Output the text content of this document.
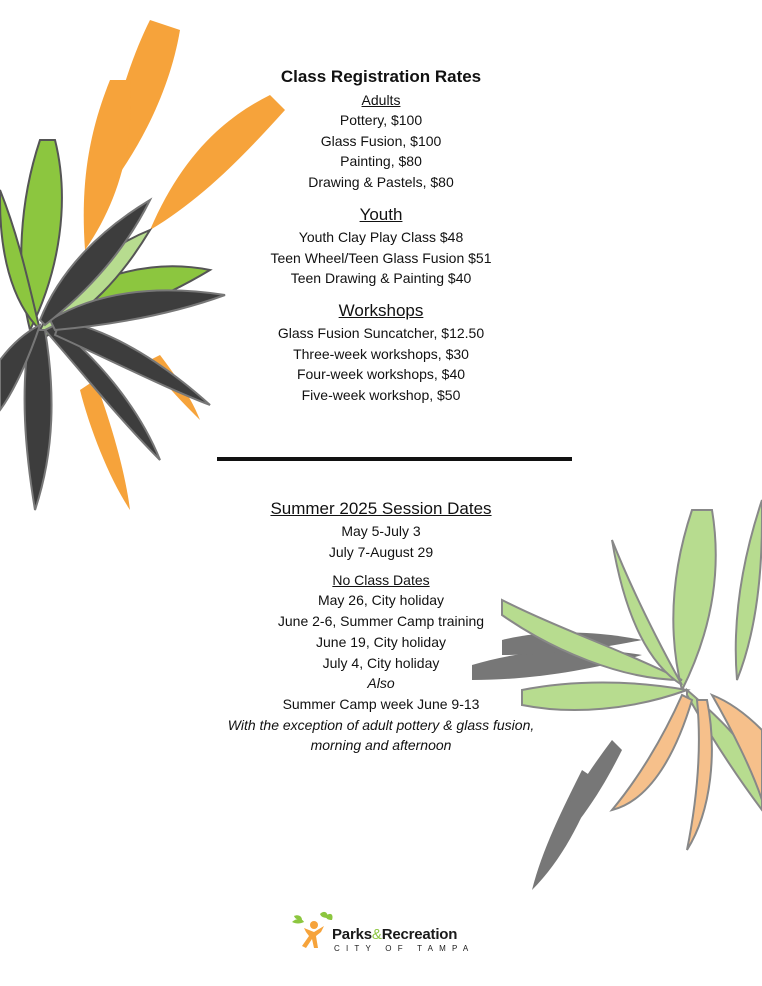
Class Registration Rates
Adults
Pottery, $100
Glass Fusion, $100
Painting, $80
Drawing & Pastels, $80
Youth
Youth Clay Play Class $48
Teen Wheel/Teen Glass Fusion $51
Teen Drawing & Painting $40
Workshops
Glass Fusion Suncatcher, $12.50
Three-week workshops, $30
Four-week workshops, $40
Five-week workshop, $50
Summer 2025 Session Dates
May 5-July 3
July 7-August 29
No Class Dates
May 26, City holiday
June 2-6, Summer Camp training
June 19, City holiday
July 4, City holiday
Also
Summer Camp week June 9-13
With the exception of adult pottery & glass fusion,
morning and afternoon
Parks&Recreation
CITY OF TAMPA
